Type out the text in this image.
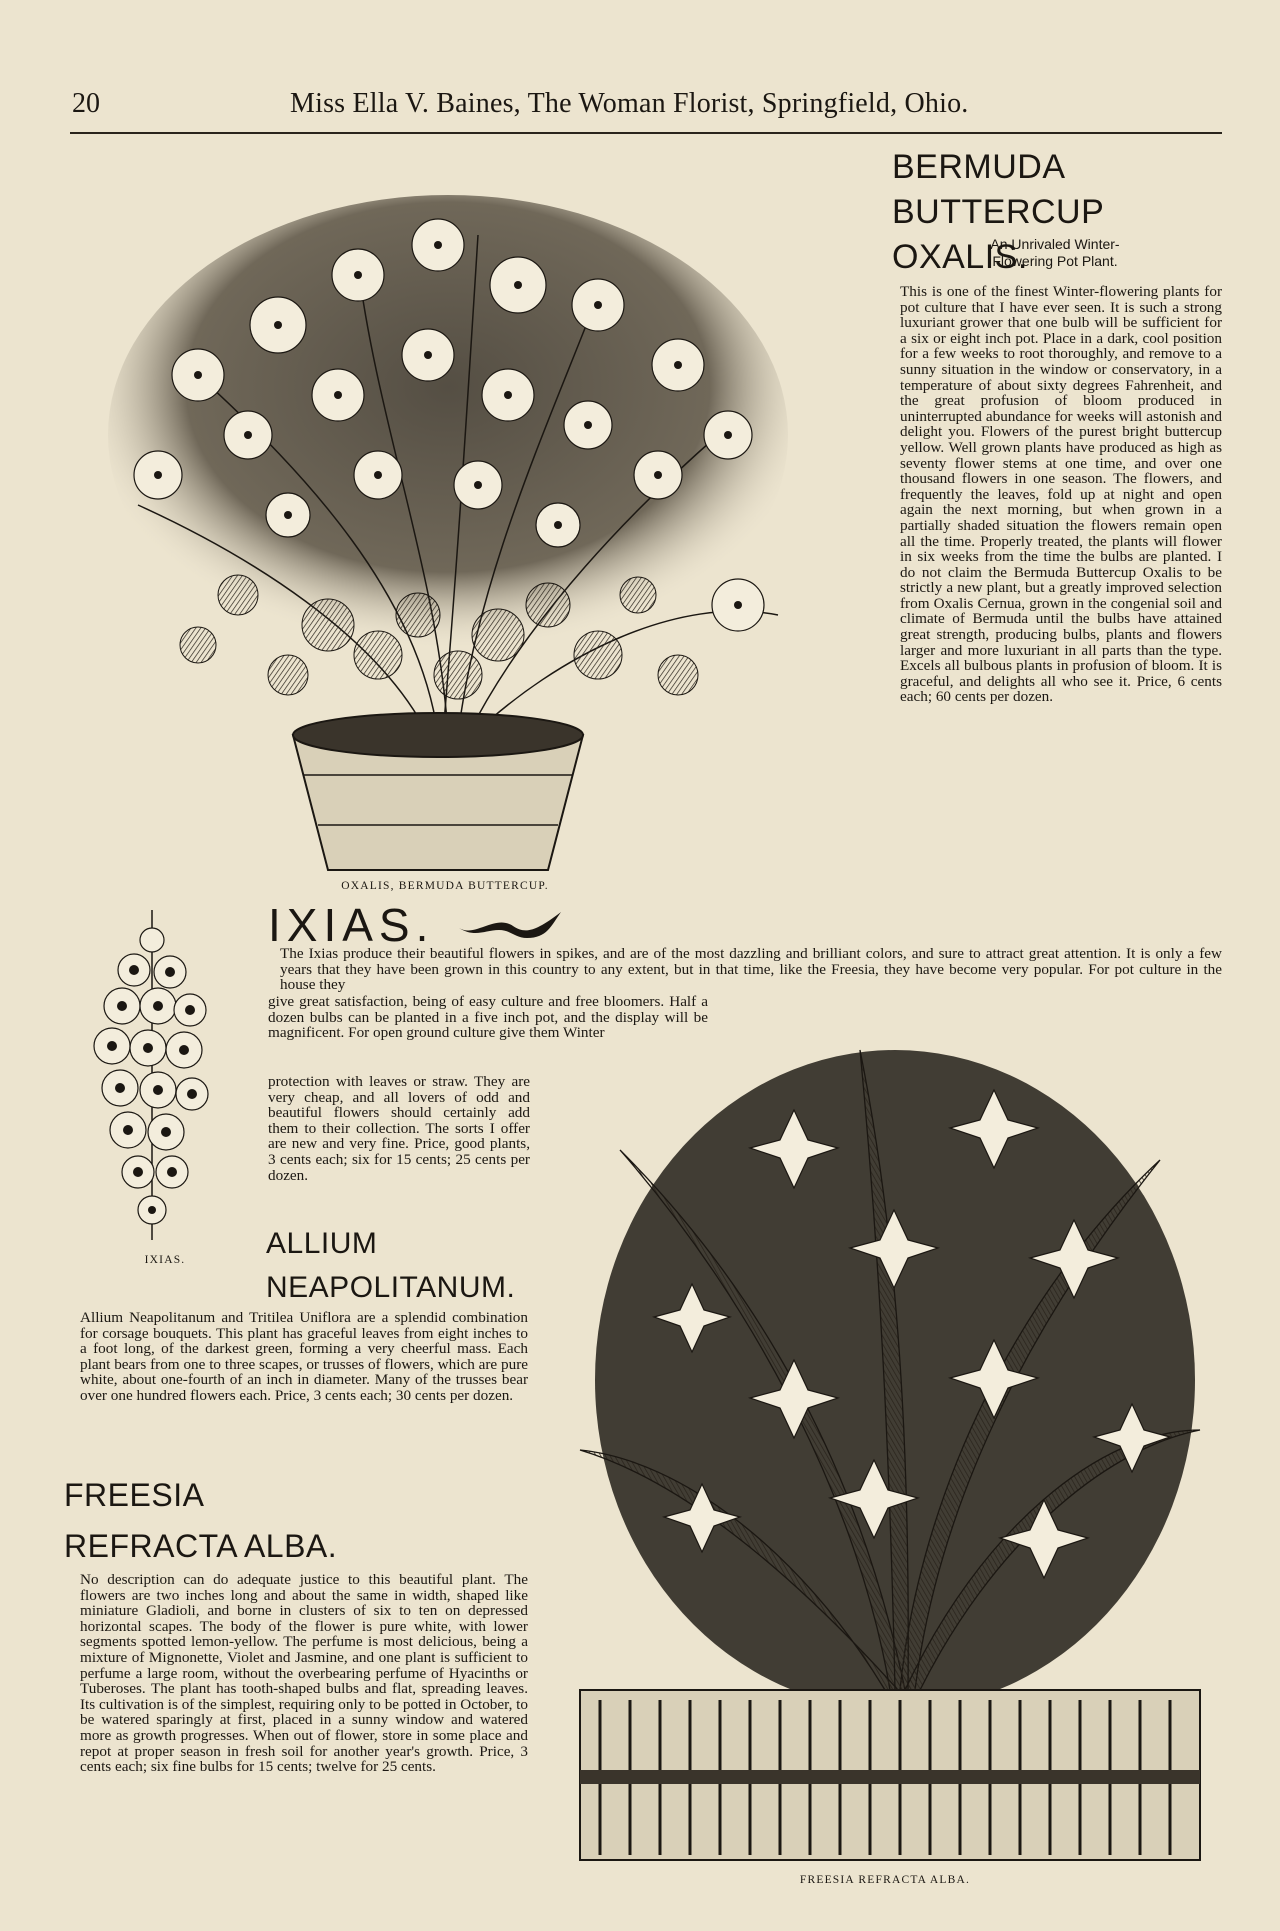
20	Miss Ella V. Baines, The Woman Florist, Springfield, Ohio.
BERMUDA
BUTTERCUP OXALIS.
An Unrivaled Winter-
Flowering Pot Plant.
This is one of the finest Winter-flowering plants for pot culture that I have ever seen. It is such a strong luxuriant grower that one bulb will be sufficient for a six or eight inch pot. Place in a dark, cool position for a few weeks to root thoroughly, and remove to a sunny situation in the window or conservatory, in a temperature of about sixty degrees Fahrenheit, and the great profusion of bloom produced in uninterrupted abundance for weeks will astonish and delight you. Flowers of the purest bright buttercup yellow. Well grown plants have produced as high as seventy flower stems at one time, and over one thousand flowers in one season. The flowers, and frequently the leaves, fold up at night and open again the next morning, but when grown in a partially shaded situation the flowers remain open all the time. Properly treated, the plants will flower in six weeks from the time the bulbs are planted. I do not claim the Bermuda Buttercup Oxalis to be strictly a new plant, but a greatly improved selection from Oxalis Cernua, grown in the congenial soil and climate of Bermuda until the bulbs have attained great strength, producing bulbs, plants and flowers larger and more luxuriant in all parts than the type. Excels all bulbous plants in profusion of bloom. It is graceful, and delights all who see it. Price, 6 cents each; 60 cents per dozen.
OXALIS, BERMUDA BUTTERCUP.
IXIAS.
The Ixias produce their beautiful flowers in spikes, and are of the most dazzling and brilliant colors, and sure to attract great attention. It is only a few years that they have been grown in this country to any extent, but in that time, like the Freesia, they have become very popular. For pot culture in the house they
give great satisfaction, being of easy culture and free bloomers. Half a dozen bulbs can be planted in a five inch pot, and the display will be magnificent. For open ground culture give them Winter
protection with leaves or straw. They are very cheap, and all lovers of odd and beautiful flowers should certainly add them to their collection. The sorts I offer are new and very fine. Price, good plants, 3 cents each; six for 15 cents; 25 cents per dozen.
IXIAS.	ALLIUM
NEAPOLITANUM.
Allium Neapolitanum and Tritilea Uniflora are a splendid combination for corsage bouquets. This plant has graceful leaves from eight inches to a foot long, of the darkest green, forming a very cheerful mass. Each plant bears from one to three scapes, or trusses of flowers, which are pure white, about one-fourth of an inch in diameter. Many of the trusses bear over one hundred flowers each. Price, 3 cents each; 30 cents per dozen.
FREESIA
REFRACTA ALBA.
No description can do adequate justice to this beautiful plant. The flowers are two inches long and about the same in width, shaped like miniature Gladioli, and borne in clusters of six to ten on depressed horizontal scapes. The body of the flower is pure white, with lower segments spotted lemon-yellow. The perfume is most delicious, being a mixture of Mignonette, Violet and Jasmine, and one plant is sufficient to perfume a large room, without the overbearing perfume of Hyacinths or Tuberoses. The plant has tooth-shaped bulbs and flat, spreading leaves. Its cultivation is of the simplest, requiring only to be potted in October, to be watered sparingly at first, placed in a sunny window and watered more as growth progresses. When out of flower, store in some place and repot at proper season in fresh soil for another year's growth. Price, 3 cents each; six fine bulbs for 15 cents; twelve for 25 cents.
FREESIA REFRACTA ALBA.
